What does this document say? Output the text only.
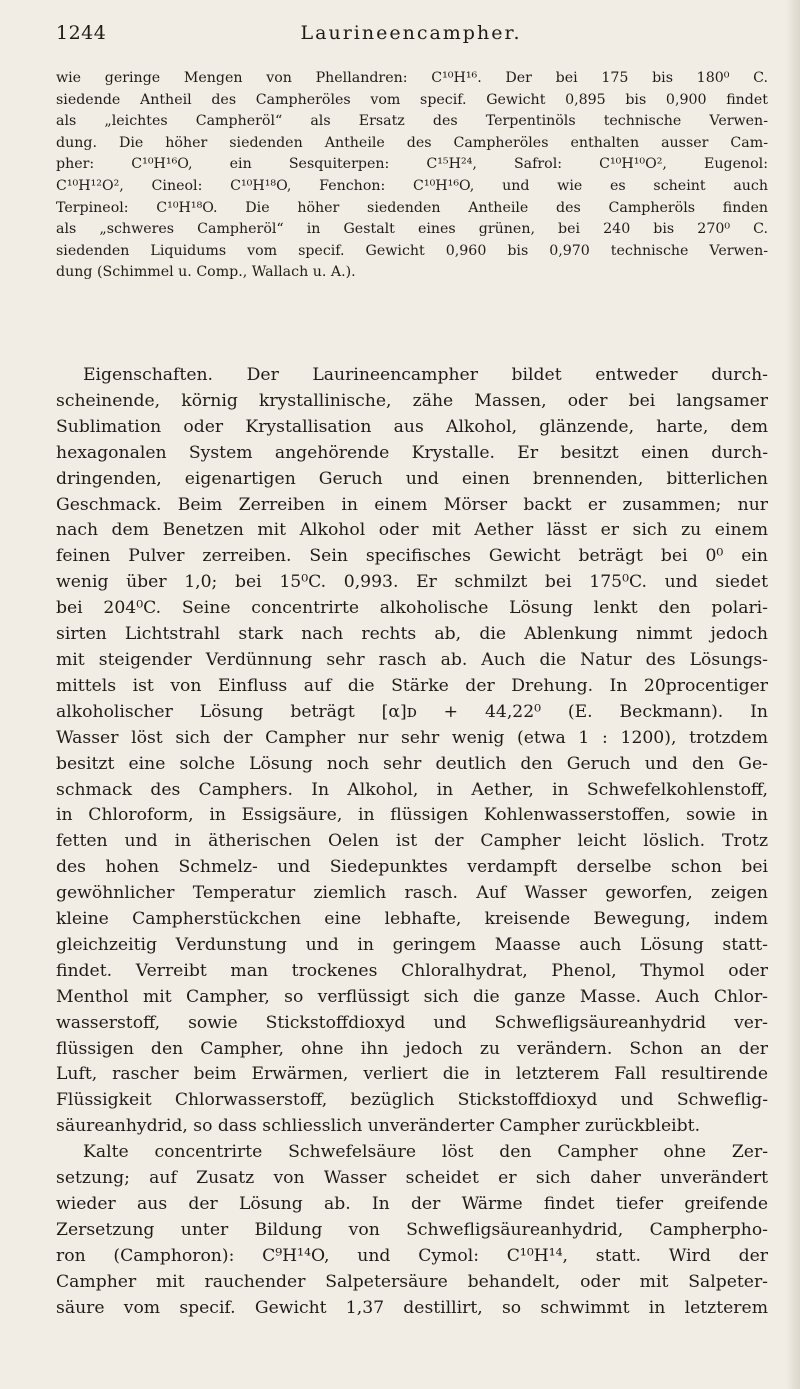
1244	Laurineencampher.
wie geringe Mengen von Phellandren: C¹⁰H¹⁶. Der bei 175 bis 180⁰ C.
siedende Antheil des Campheröles vom specif. Gewicht 0,895 bis 0,900 findet
als „leichtes Campheröl“ als Ersatz des Terpentinöls technische Verwen-
dung. Die höher siedenden Antheile des Campheröles enthalten ausser Cam-
pher: C¹⁰H¹⁶O, ein Sesquiterpen: C¹⁵H²⁴, Safrol: C¹⁰H¹⁰O², Eugenol:
C¹⁰H¹²O², Cineol: C¹⁰H¹⁸O, Fenchon: C¹⁰H¹⁶O, und wie es scheint auch
Terpineol: C¹⁰H¹⁸O. Die höher siedenden Antheile des Campheröls finden
als „schweres Campheröl“ in Gestalt eines grünen, bei 240 bis 270⁰ C.
siedenden Liquidums vom specif. Gewicht 0,960 bis 0,970 technische Verwen-
dung (Schimmel u. Comp., Wallach u. A.).
Eigenschaften. Der Laurineencampher bildet entweder durch-
scheinende, körnig krystallinische, zähe Massen, oder bei langsamer
Sublimation oder Krystallisation aus Alkohol, glänzende, harte, dem
hexagonalen System angehörende Krystalle. Er besitzt einen durch-
dringenden, eigenartigen Geruch und einen brennenden, bitterlichen
Geschmack. Beim Zerreiben in einem Mörser backt er zusammen; nur
nach dem Benetzen mit Alkohol oder mit Aether lässt er sich zu einem
feinen Pulver zerreiben. Sein specifisches Gewicht beträgt bei 0⁰ ein
wenig über 1,0; bei 15⁰C. 0,993. Er schmilzt bei 175⁰C. und siedet
bei 204⁰C. Seine concentrirte alkoholische Lösung lenkt den polari-
sirten Lichtstrahl stark nach rechts ab, die Ablenkung nimmt jedoch
mit steigender Verdünnung sehr rasch ab. Auch die Natur des Lösungs-
mittels ist von Einfluss auf die Stärke der Drehung. In 20procentiger
alkoholischer Lösung beträgt [α]ᴅ + 44,22⁰ (E. Beckmann). In
Wasser löst sich der Campher nur sehr wenig (etwa 1 : 1200), trotzdem
besitzt eine solche Lösung noch sehr deutlich den Geruch und den Ge-
schmack des Camphers. In Alkohol, in Aether, in Schwefelkohlenstoff,
in Chloroform, in Essigsäure, in flüssigen Kohlenwasserstoffen, sowie in
fetten und in ätherischen Oelen ist der Campher leicht löslich. Trotz
des hohen Schmelz- und Siedepunktes verdampft derselbe schon bei
gewöhnlicher Temperatur ziemlich rasch. Auf Wasser geworfen, zeigen
kleine Campherstückchen eine lebhafte, kreisende Bewegung, indem
gleichzeitig Verdunstung und in geringem Maasse auch Lösung statt-
findet. Verreibt man trockenes Chloralhydrat, Phenol, Thymol oder
Menthol mit Campher, so verflüssigt sich die ganze Masse. Auch Chlor-
wasserstoff, sowie Stickstoffdioxyd und Schwefligsäureanhydrid ver-
flüssigen den Campher, ohne ihn jedoch zu verändern. Schon an der
Luft, rascher beim Erwärmen, verliert die in letzterem Fall resultirende
Flüssigkeit Chlorwasserstoff, bezüglich Stickstoffdioxyd und Schweflig-
säureanhydrid, so dass schliesslich unveränderter Campher zurückbleibt.
Kalte concentrirte Schwefelsäure löst den Campher ohne Zer-
setzung; auf Zusatz von Wasser scheidet er sich daher unverändert
wieder aus der Lösung ab. In der Wärme findet tiefer greifende
Zersetzung unter Bildung von Schwefligsäureanhydrid, Campherpho-
ron (Camphoron): C⁹H¹⁴O, und Cymol: C¹⁰H¹⁴, statt. Wird der
Campher mit rauchender Salpetersäure behandelt, oder mit Salpeter-
säure vom specif. Gewicht 1,37 destillirt, so schwimmt in letzterem
